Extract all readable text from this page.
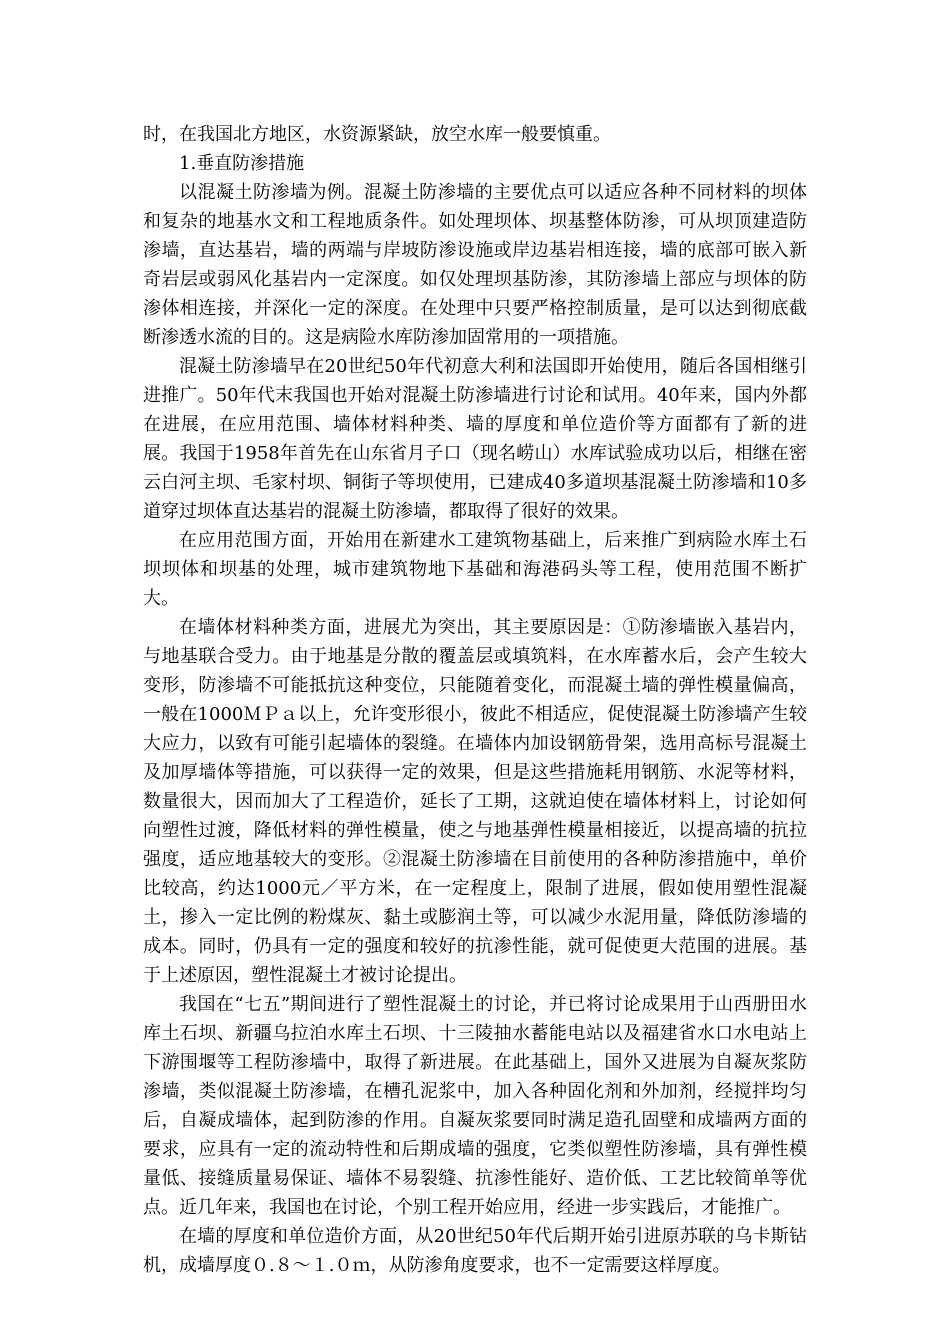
时，在我国北方地区，水资源紧缺，放空水库一般要慎重。

1.垂直防渗措施

以混凝土防渗墙为例。混凝土防渗墙的主要优点可以适应各种不同材料的坝体和复杂的地基水文和工程地质条件。如处理坝体、坝基整体防渗，可从坝顶建造防渗墙，直达基岩，墙的两端与岸坡防渗设施或岸边基岩相连接，墙的底部可嵌入新奇岩层或弱风化基岩内一定深度。如仅处理坝基防渗，其防渗墙上部应与坝体的防渗体相连接，并深化一定的深度。在处理中只要严格控制质量，是可以达到彻底截断渗透水流的目的。这是病险水库防渗加固常用的一项措施。

混凝土防渗墙早在20世纪50年代初意大利和法国即开始使用，随后各国相继引进推广。50年代末我国也开始对混凝土防渗墙进行讨论和试用。40年来，国内外都在进展，在应用范围、墙体材料种类、墙的厚度和单位造价等方面都有了新的进展。我国于1958年首先在山东省月子口（现名崂山）水库试验成功以后，相继在密云白河主坝、毛家村坝、铜街子等坝使用，已建成40多道坝基混凝土防渗墙和10多道穿过坝体直达基岩的混凝土防渗墙，都取得了很好的效果。

在应用范围方面，开始用在新建水工建筑物基础上，后来推广到病险水库土石坝坝体和坝基的处理，城市建筑物地下基础和海港码头等工程，使用范围不断扩大。

在墙体材料种类方面，进展尤为突出，其主要原因是：①防渗墙嵌入基岩内，与地基联合受力。由于地基是分散的覆盖层或填筑料，在水库蓄水后，会产生较大变形，防渗墙不可能抵抗这种变位，只能随着变化，而混凝土墙的弹性模量偏高，一般在1000ＭＰａ以上，允许变形很小，彼此不相适应，促使混凝土防渗墙产生较大应力，以致有可能引起墙体的裂缝。在墙体内加设钢筋骨架，选用高标号混凝土及加厚墙体等措施，可以获得一定的效果，但是这些措施耗用钢筋、水泥等材料，数量很大，因而加大了工程造价，延长了工期，这就迫使在墙体材料上，讨论如何向塑性过渡，降低材料的弹性模量，使之与地基弹性模量相接近，以提高墙的抗拉强度，适应地基较大的变形。②混凝土防渗墙在目前使用的各种防渗措施中，单价比较高，约达1000元／平方米，在一定程度上，限制了进展，假如使用塑性混凝土，掺入一定比例的粉煤灰、黏土或膨润土等，可以减少水泥用量，降低防渗墙的成本。同时，仍具有一定的强度和较好的抗渗性能，就可促使更大范围的进展。基于上述原因，塑性混凝土才被讨论提出。

我国在“七五”期间进行了塑性混凝土的讨论，并已将讨论成果用于山西册田水库土石坝、新疆乌拉泊水库土石坝、十三陵抽水蓄能电站以及福建省水口水电站上下游围堰等工程防渗墙中，取得了新进展。在此基础上，国外又进展为自凝灰浆防渗墙，类似混凝土防渗墙，在槽孔泥浆中，加入各种固化剂和外加剂，经搅拌均匀后，自凝成墙体，起到防渗的作用。自凝灰浆要同时满足造孔固壁和成墙两方面的要求，应具有一定的流动特性和后期成墙的强度，它类似塑性防渗墙，具有弹性模量低、接缝质量易保证、墙体不易裂缝、抗渗性能好、造价低、工艺比较简单等优点。近几年来，我国也在讨论，个别工程开始应用，经进一步实践后，才能推广。

在墙的厚度和单位造价方面，从20世纪50年代后期开始引进原苏联的乌卡斯钻机，成墙厚度０.８～１.０ｍ，从防渗角度要求，也不一定需要这样厚度。
